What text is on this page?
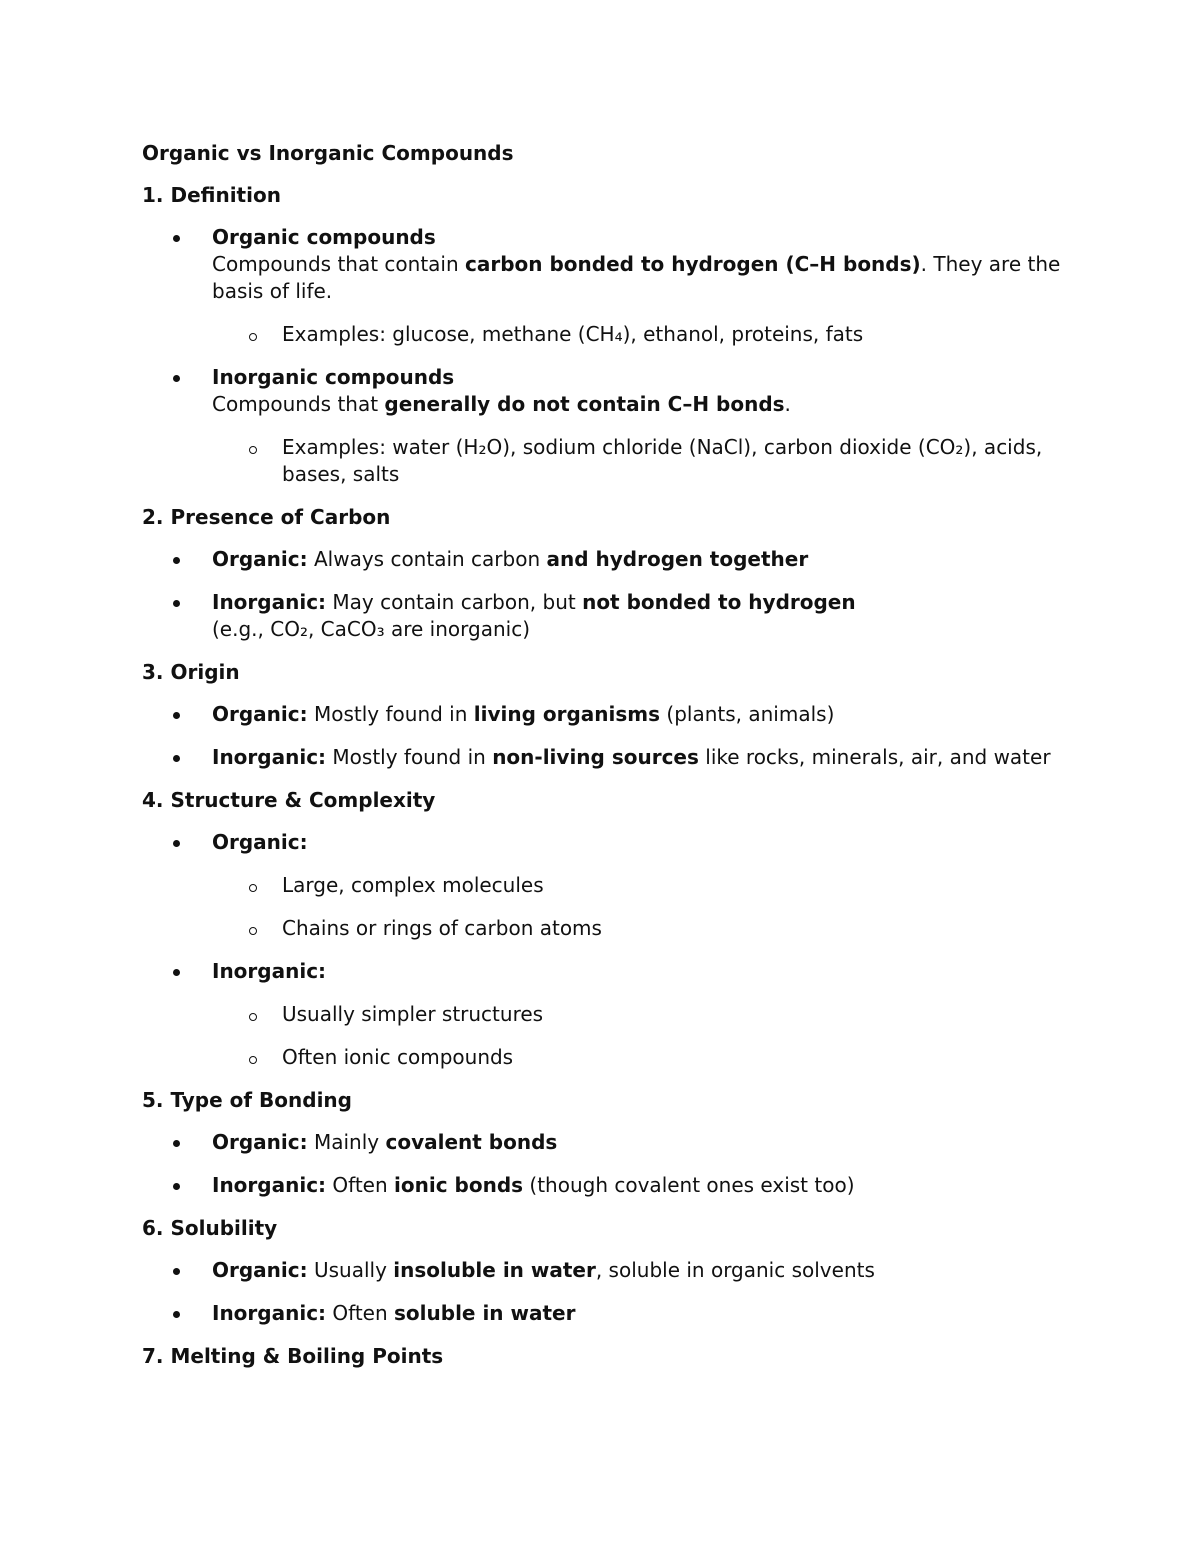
Organic vs Inorganic Compounds
1. Definition
Organic compounds
Compounds that contain carbon bonded to hydrogen (C–H bonds). They are the basis of life.
Examples: glucose, methane (CH₄), ethanol, proteins, fats
Inorganic compounds
Compounds that generally do not contain C–H bonds.
Examples: water (H₂O), sodium chloride (NaCl), carbon dioxide (CO₂), acids, bases, salts
2. Presence of Carbon
Organic: Always contain carbon and hydrogen together
Inorganic: May contain carbon, but not bonded to hydrogen
(e.g., CO₂, CaCO₃ are inorganic)
3. Origin
Organic: Mostly found in living organisms (plants, animals)
Inorganic: Mostly found in non-living sources like rocks, minerals, air, and water
4. Structure & Complexity
Organic:
Large, complex molecules
Chains or rings of carbon atoms
Inorganic:
Usually simpler structures
Often ionic compounds
5. Type of Bonding
Organic: Mainly covalent bonds
Inorganic: Often ionic bonds (though covalent ones exist too)
6. Solubility
Organic: Usually insoluble in water, soluble in organic solvents
Inorganic: Often soluble in water
7. Melting & Boiling Points
